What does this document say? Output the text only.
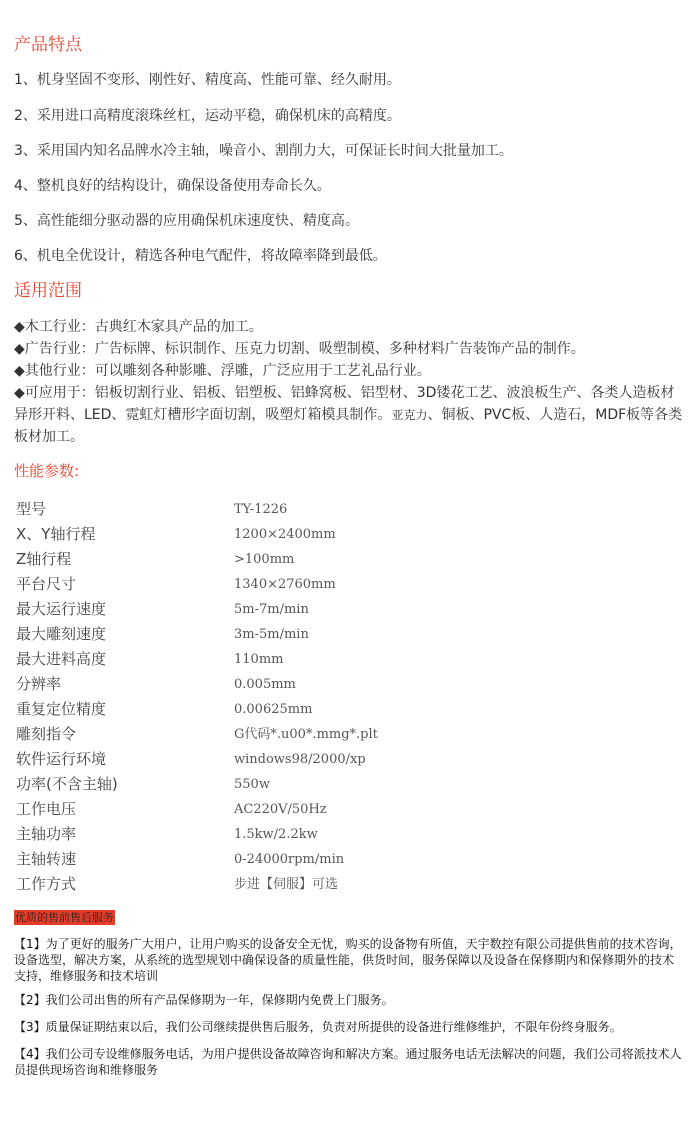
产品特点
1、机身坚固不变形、刚性好、精度高、性能可靠、经久耐用。
2、采用进口高精度滚珠丝杠，运动平稳，确保机床的高精度。
3、采用国内知名品牌水冷主轴，噪音小、割削力大，可保证长时间大批量加工。
4、整机良好的结构设计，确保设备使用寿命长久。
5、高性能细分驱动器的应用确保机床速度快、精度高。
6、机电全优设计，精选各种电气配件，将故障率降到最低。
适用范围

◆木工行业：古典红木家具产品的加工。

◆广告行业：广告标牌、标识制作、压克力切割、吸塑制模、多种材料广告装饰产品的制作。

◆其他行业：可以雕刻各种影雕、浮雕，广泛应用于工艺礼品行业。

◆可应用于：铝板切割行业、铝板、铝塑板、铝蜂窝板、铝型材、3D镂花工艺、波浪板生产、各类人造板材异形开料、LED、霓虹灯槽形字面切割，吸塑灯箱模具制作。亚克力、铜板、PVC板、人造石，MDF板等各类板材加工。

性能参数:
型号	TY-1226
X、Y轴行程	1200×2400mm
Z轴行程	>100mm
平台尺寸	1340×2760mm
最大运行速度	5m-7m/min
最大雕刻速度	3m-5m/min
最大进料高度	110mm
分辨率	0.005mm
重复定位精度	0.00625mm
雕刻指令	G代码*.u00*.mmg*.plt
软件运行环境	windows98/2000/xp
功率(不含主轴)	550w
工作电压	AC220V/50Hz
主轴功率	1.5kw/2.2kw
主轴转速	0-24000rpm/min
工作方式	步进【伺服】可选
优质的售前售后服务

【1】为了更好的服务广大用户，让用户购买的设备安全无忧，购买的设备物有所值，天宇数控有限公司提供售前的技术咨询，设备选型，解决方案，从系统的选型规划中确保设备的质量性能，供货时间，服务保障以及设备在保修期内和保修期外的技术支持，维修服务和技术培训

【2】我们公司出售的所有产品保修期为一年，保修期内免费上门服务。

【3】质量保证期结束以后，我们公司继续提供售后服务，负责对所提供的设备进行维修维护，不限年份终身服务。

【4】我们公司专设维修服务电话，为用户提供设备故障咨询和解决方案。通过服务电话无法解决的问题，我们公司将派技术人员提供现场咨询和维修服务
